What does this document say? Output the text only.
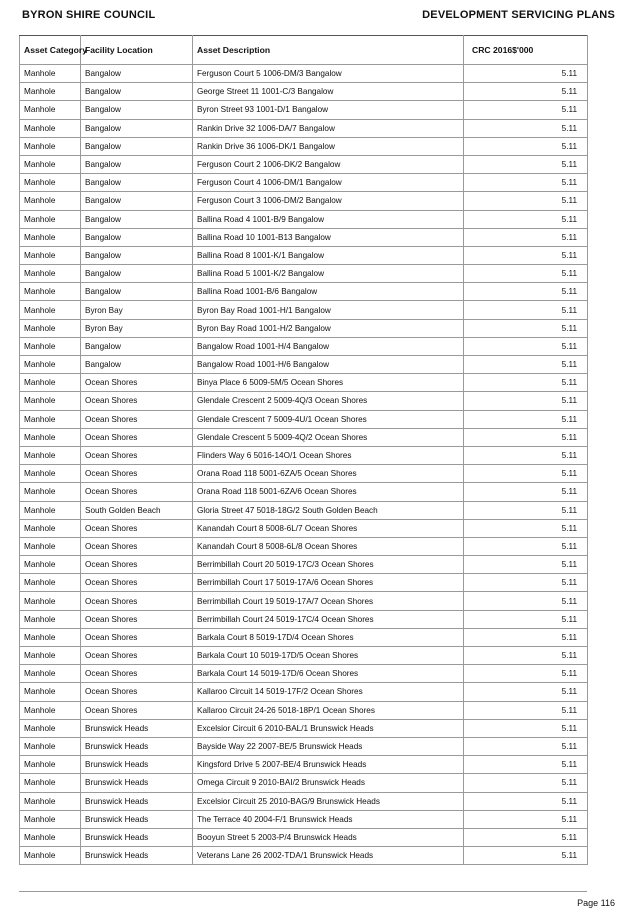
BYRON SHIRE COUNCIL	DEVELOPMENT SERVICING PLANS
Asset Category	Facility Location	Asset Description	CRC 2016$'000
Manhole	Bangalow	Ferguson Court 5 1006-DM/3 Bangalow	5.11
Manhole	Bangalow	George Street 11 1001-C/3 Bangalow	5.11
Manhole	Bangalow	Byron Street 93 1001-D/1 Bangalow	5.11
Manhole	Bangalow	Rankin Drive 32 1006-DA/7 Bangalow	5.11
Manhole	Bangalow	Rankin Drive 36 1006-DK/1 Bangalow	5.11
Manhole	Bangalow	Ferguson Court 2 1006-DK/2 Bangalow	5.11
Manhole	Bangalow	Ferguson Court 4 1006-DM/1 Bangalow	5.11
Manhole	Bangalow	Ferguson Court 3 1006-DM/2 Bangalow	5.11
Manhole	Bangalow	Ballina Road 4 1001-B/9 Bangalow	5.11
Manhole	Bangalow	Ballina Road 10 1001-B13 Bangalow	5.11
Manhole	Bangalow	Ballina Road 8 1001-K/1 Bangalow	5.11
Manhole	Bangalow	Ballina Road 5 1001-K/2 Bangalow	5.11
Manhole	Bangalow	Ballina Road 1001-B/6 Bangalow	5.11
Manhole	Byron Bay	Byron Bay Road 1001-H/1 Bangalow	5.11
Manhole	Byron Bay	Byron Bay Road 1001-H/2 Bangalow	5.11
Manhole	Bangalow	Bangalow Road 1001-H/4 Bangalow	5.11
Manhole	Bangalow	Bangalow Road 1001-H/6 Bangalow	5.11
Manhole	Ocean Shores	Binya Place 6 5009-5M/5 Ocean Shores	5.11
Manhole	Ocean Shores	Glendale Crescent 2 5009-4Q/3 Ocean Shores	5.11
Manhole	Ocean Shores	Glendale Crescent 7 5009-4U/1 Ocean Shores	5.11
Manhole	Ocean Shores	Glendale Crescent 5 5009-4Q/2 Ocean Shores	5.11
Manhole	Ocean Shores	Flinders Way 6 5016-14O/1 Ocean Shores	5.11
Manhole	Ocean Shores	Orana Road 118 5001-6ZA/5 Ocean Shores	5.11
Manhole	Ocean Shores	Orana Road 118 5001-6ZA/6 Ocean Shores	5.11
Manhole	South Golden Beach	Gloria Street 47 5018-18G/2 South Golden Beach	5.11
Manhole	Ocean Shores	Kanandah Court 8 5008-6L/7 Ocean Shores	5.11
Manhole	Ocean Shores	Kanandah Court 8 5008-6L/8 Ocean Shores	5.11
Manhole	Ocean Shores	Berrimbillah Court 20 5019-17C/3 Ocean Shores	5.11
Manhole	Ocean Shores	Berrimbillah Court 17 5019-17A/6 Ocean Shores	5.11
Manhole	Ocean Shores	Berrimbillah Court 19 5019-17A/7 Ocean Shores	5.11
Manhole	Ocean Shores	Berrimbillah Court 24 5019-17C/4 Ocean Shores	5.11
Manhole	Ocean Shores	Barkala Court 8 5019-17D/4 Ocean Shores	5.11
Manhole	Ocean Shores	Barkala Court 10 5019-17D/5 Ocean Shores	5.11
Manhole	Ocean Shores	Barkala Court 14 5019-17D/6 Ocean Shores	5.11
Manhole	Ocean Shores	Kallaroo Circuit 14 5019-17F/2 Ocean Shores	5.11
Manhole	Ocean Shores	Kallaroo Circuit 24-26 5018-18P/1 Ocean Shores	5.11
Manhole	Brunswick Heads	Excelsior Circuit 6 2010-BAL/1 Brunswick Heads	5.11
Manhole	Brunswick Heads	Bayside Way 22 2007-BE/5 Brunswick Heads	5.11
Manhole	Brunswick Heads	Kingsford Drive 5 2007-BE/4 Brunswick Heads	5.11
Manhole	Brunswick Heads	Omega Circuit 9 2010-BAI/2 Brunswick Heads	5.11
Manhole	Brunswick Heads	Excelsior Circuit 25 2010-BAG/9 Brunswick Heads	5.11
Manhole	Brunswick Heads	The Terrace 40 2004-F/1 Brunswick Heads	5.11
Manhole	Brunswick Heads	Booyun Street 5 2003-P/4 Brunswick Heads	5.11
Manhole	Brunswick Heads	Veterans Lane 26 2002-TDA/1 Brunswick Heads	5.11
Page 116
